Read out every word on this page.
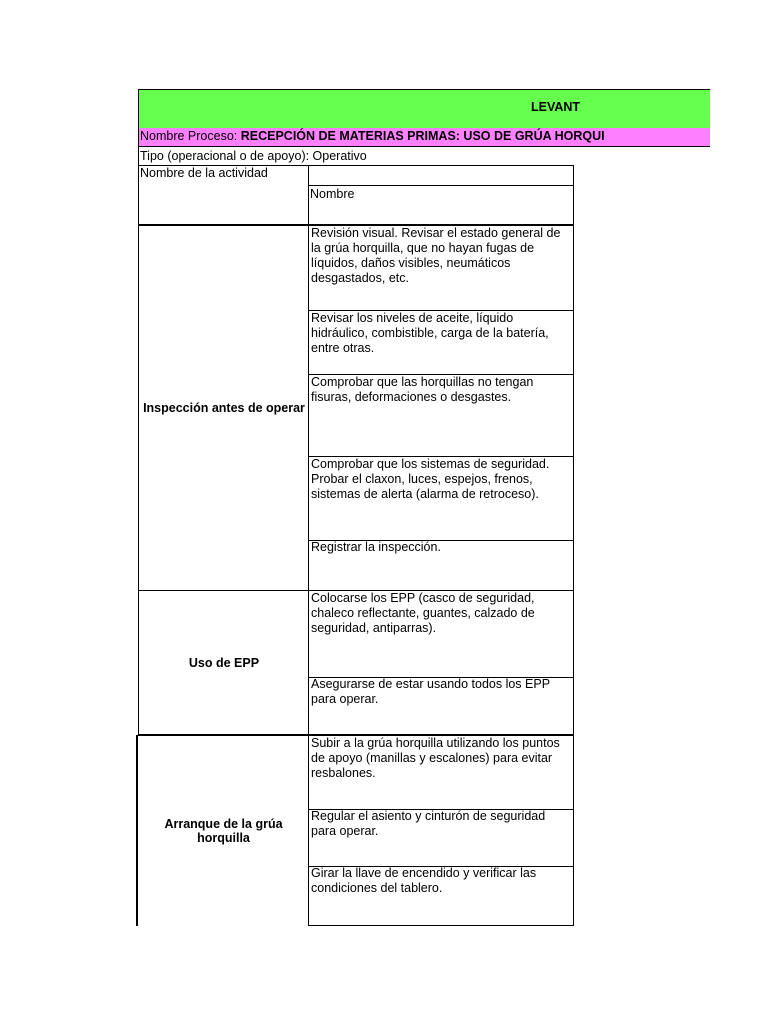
LEVANT
Nombre Proceso: RECEPCIÓN DE MATERIAS PRIMAS: USO DE GRÚA HORQUI
Tipo (operacional o de apoyo): Operativo
Nombre de la actividad
Nombre
Inspección antes de operar
Revisión visual. Revisar el estado general de la grúa horquilla, que no hayan fugas de líquidos, daños visibles, neumáticos desgastados, etc.
Revisar los niveles de aceite, líquido hidráulico, combistible, carga de la batería, entre otras.
Comprobar que las horquillas no tengan fisuras, deformaciones o desgastes.
Comprobar que los sistemas de seguridad. Probar el claxon, luces, espejos, frenos, sistemas de alerta (alarma de retroceso).
Registrar la inspección.
Uso de EPP
Colocarse los EPP (casco de seguridad, chaleco reflectante, guantes, calzado de seguridad, antiparras).
Asegurarse de estar usando todos los EPP para operar.
Arranque de la grúa horquilla
Subir a la grúa horquilla utilizando los puntos de apoyo (manillas y escalones) para evitar resbalones.
Regular el asiento y cinturón de seguridad para operar.
Girar la llave de encendido y verificar las condiciones del tablero.
